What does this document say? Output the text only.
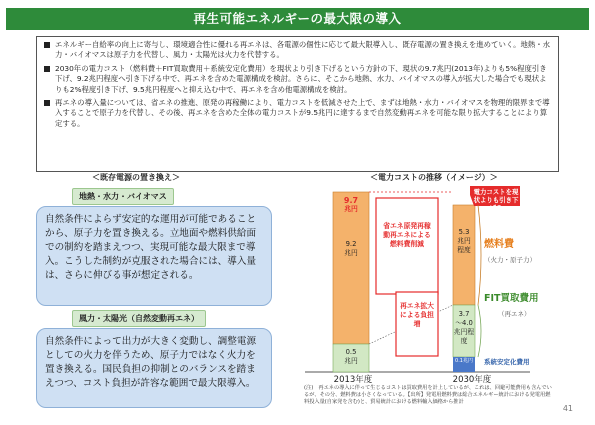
再生可能エネルギーの最大限の導入
エネルギー自給率の向上に寄与し、環境適合性に優れる再エネは、各電源の個性に応じて最大限導入し、既存電源の置き換えを進めていく。地熱・水力・バイオマスは原子力を代替し、風力・太陽光は火力を代替する。
2030年の電力コスト（燃料費＋FIT買取費用＋系統安定化費用）を現状より引き下げるという方針の下、現状の9.7兆円(2013年)よりも5%程度引き下げ、9.2兆円程度へ引き下げる中で、再エネを含めた電源構成を検討。さらに、そこから地熱、水力、バイオマスの導入が拡大した場合でも現状よりも2%程度引き下げ、9.5兆円程度へと抑え込む中で、再エネを含め他電源構成を検討。
再エネの導入量については、省エネの推進、原発の再稼働により、電力コストを低減させた上で、まずは地熱・水力・バイオマスを物理的限界まで導入することで原子力を代替し、その後、再エネを含めた全体の電力コストが9.5兆円に達するまで自然変動再エネを可能な限り拡大することにより算定する。
＜既存電源の置き換え＞
地熱・水力・バイオマス
自然条件によらず安定的な運用が可能であることから、原子力を置き換える。立地面や燃料供給面での制約を踏まえつつ、実現可能な最大限まで導入。こうした制約が克服された場合には、導入量は、さらに伸びる事が想定される。
風力・太陽光（自然変動再エネ）
自然条件によって出力が大きく変動し、調整電源としての火力を伴うため、原子力ではなく火力を置き換える。国民負担の抑制とのバランスを踏まえつつ、コスト負担が許容な範囲で最大限導入。
＜電力コストの推移（イメージ）＞
9.7
兆円
9.2
兆円
0.5
兆円
2013年度
省エネ原発再稼動再エネによる燃料費削減
再エネ拡大による負担増
5.3
兆円
程度
3.7
～4.0
兆円程度
0.1兆円
2030年度
電力コストを現状よりも引き下げる
燃料費
（火力・原子力）
FIT買取費用
（再エネ）
系統安定化費用
(注)　再エネの導入に伴って生じるコストは買取費用を計上しているが、これは、回避可能費用も含んでいるが、その分、燃料費は小さくなっている。【出所】発電用燃料費は総合エネルギー統計における発電用燃料投入量(自家発を含む)と、貿易統計における燃料輸入価格から推計
41
